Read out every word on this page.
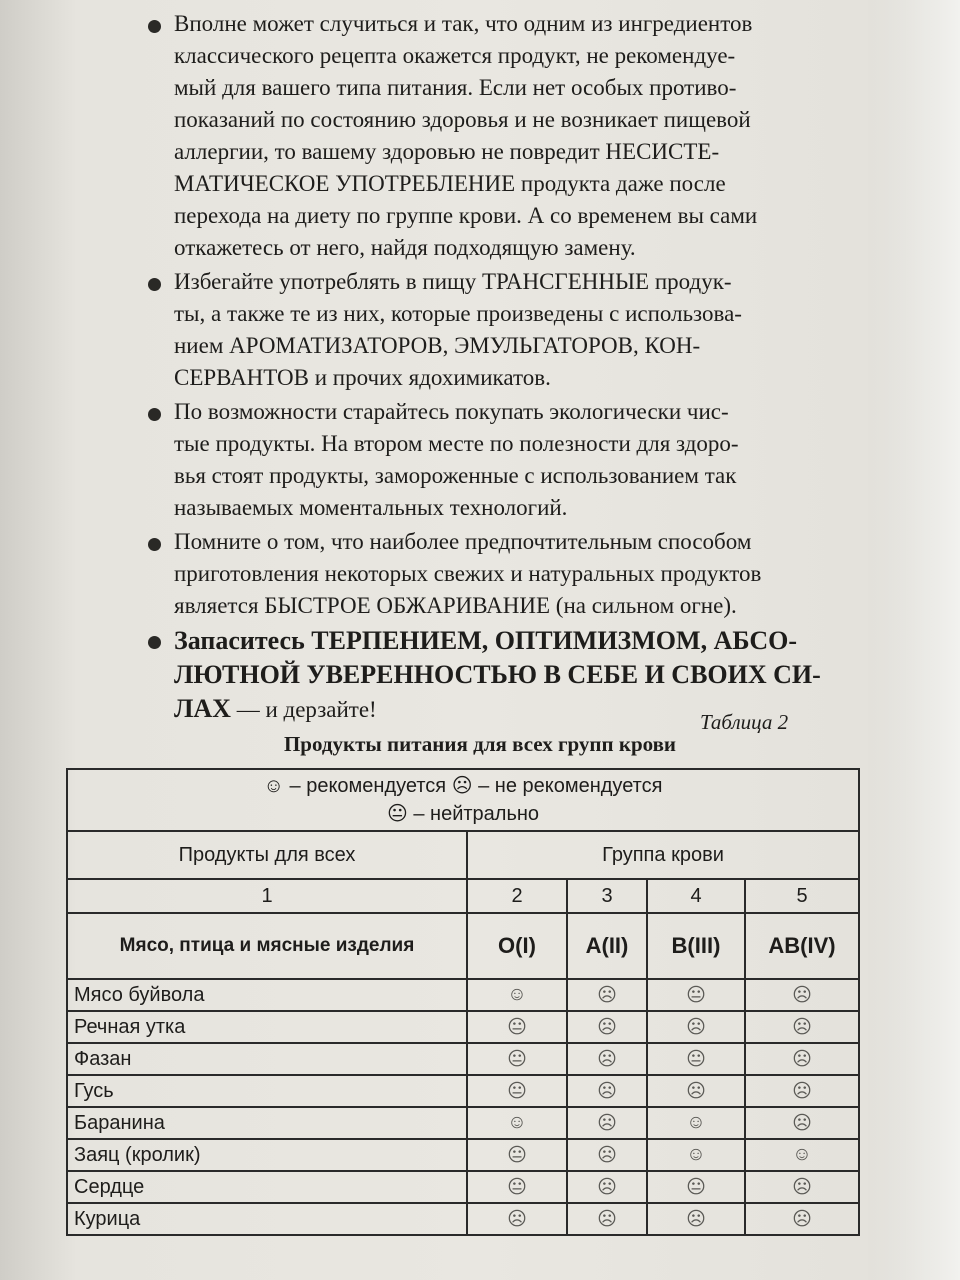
Вполне может случиться и так, что одним из ингредиентов
классического рецепта окажется продукт, не рекомендуе-
мый для вашего типа питания. Если нет особых противо-
показаний по состоянию здоровья и не возникает пищевой
аллергии, то вашему здоровью не повредит НЕСИСТЕ-
МАТИЧЕСКОЕ УПОТРЕБЛЕНИЕ продукта даже после
перехода на диету по группе крови. А со временем вы сами
откажетесь от него, найдя подходящую замену.
Избегайте употреблять в пищу ТРАНСГЕННЫЕ продук-
ты, а также те из них, которые произведены с использова-
нием АРОМАТИЗАТОРОВ, ЭМУЛЬГАТОРОВ, КОН-
СЕРВАНТОВ и прочих ядохимикатов.
По возможности старайтесь покупать экологически чис-
тые продукты. На втором месте по полезности для здоро-
вья стоят продукты, замороженные с использованием так
называемых моментальных технологий.
Помните о том, что наиболее предпочтительным способом
приготовления некоторых свежих и натуральных продуктов
является БЫСТРОЕ ОБЖАРИВАНИЕ (на сильном огне).
Запаситесь ТЕРПЕНИЕМ, ОПТИМИЗМОМ, АБСО-
ЛЮТНОЙ УВЕРЕННОСТЬЮ В СЕБЕ И СВОИХ СИ-
ЛАХ — и дерзайте!	Таблица 2
Продукты питания для всех групп крови
☺ – рекомендуется ☹ – не рекомендуется
😐 – нейтрально				

Продукты для всех	Группа крови			
1	2	3	4	5
Мясо, птица и мясные изделия	O(I)	A(II)	B(III)	AB(IV)
Мясо буйвола	☺	☹	😐	☹
Речная утка	😐	☹	☹	☹
Фазан	😐	☹	😐	☹
Гусь	😐	☹	☹	☹
Баранина	☺	☹	☺	☹
Заяц (кролик)	😐	☹	☺	☺
Сердце	😐	☹	😐	☹
Курица	☹	☹	☹	☹
